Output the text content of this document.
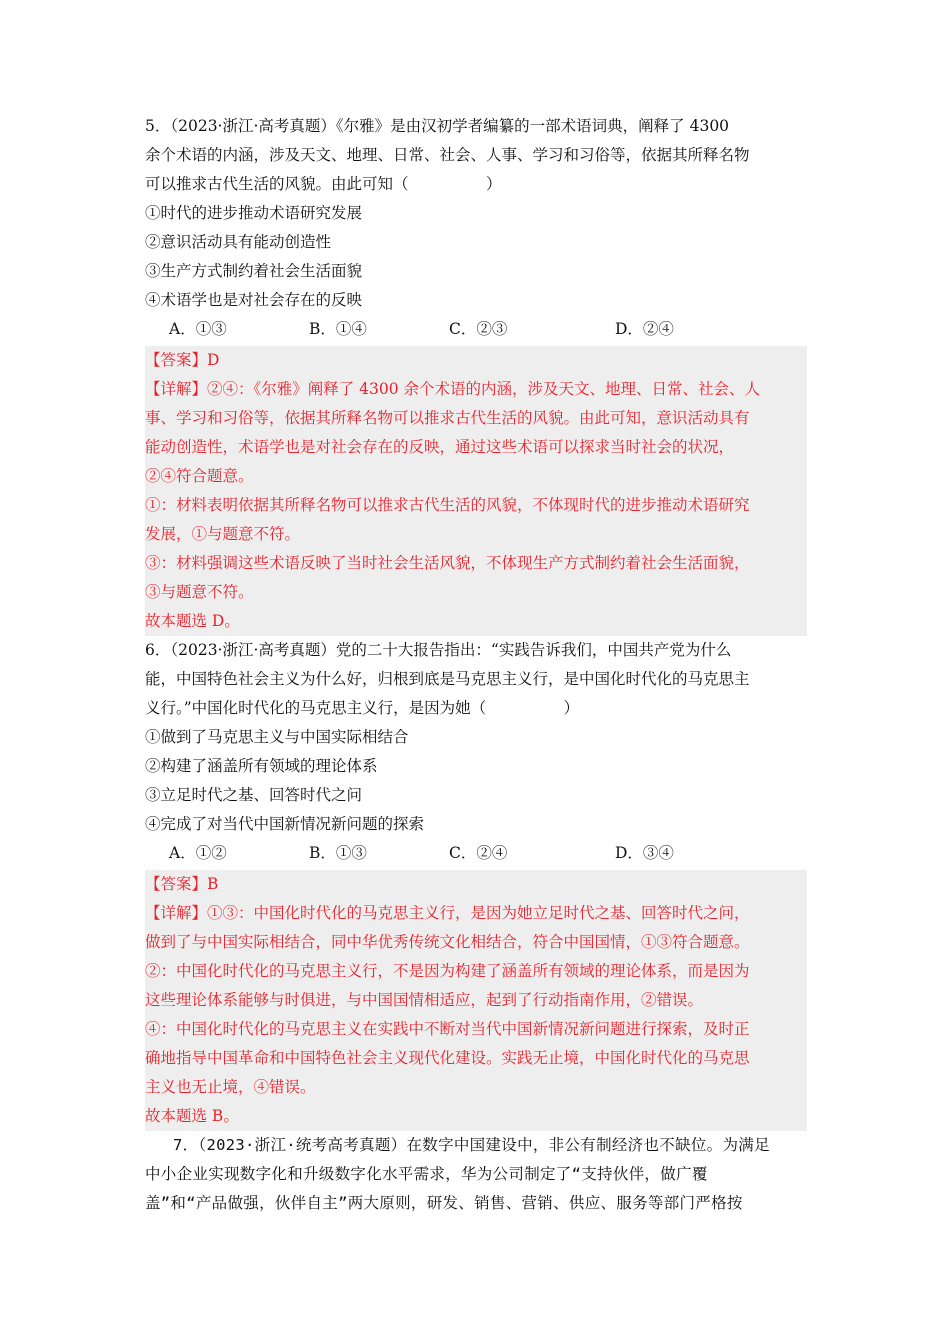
5．（2023·浙江·高考真题）《尔雅》是由汉初学者编纂的一部术语词典，阐释了 4300
余个术语的内涵，涉及天文、地理、日常、社会、人事、学习和习俗等，依据其所释名物
可以推求古代生活的风貌。由此可知（　　　　　）
①时代的进步推动术语研究发展
②意识活动具有能动创造性
③生产方式制约着社会生活面貌
④术语学也是对社会存在的反映
A．①③	B．①④	C．②③	D．②④
【答案】D
【详解】②④：《尔雅》阐释了 4300 余个术语的内涵，涉及天文、地理、日常、社会、人
事、学习和习俗等，依据其所释名物可以推求古代生活的风貌。由此可知，意识活动具有
能动创造性，术语学也是对社会存在的反映，通过这些术语可以探求当时社会的状况，
②④符合题意。
①：材料表明依据其所释名物可以推求古代生活的风貌，不体现时代的进步推动术语研究
发展，①与题意不符。
③：材料强调这些术语反映了当时社会生活风貌，不体现生产方式制约着社会生活面貌，
③与题意不符。
故本题选 D。
6．（2023·浙江·高考真题）党的二十大报告指出：“实践告诉我们，中国共产党为什么
能，中国特色社会主义为什么好，归根到底是马克思主义行，是中国化时代化的马克思主
义行。”中国化时代化的马克思主义行，是因为她（　　　　　）
①做到了马克思主义与中国实际相结合
②构建了涵盖所有领域的理论体系
③立足时代之基、回答时代之问
④完成了对当代中国新情况新问题的探索
A．①②	B．①③	C．②④	D．③④
【答案】B
【详解】①③：中国化时代化的马克思主义行，是因为她立足时代之基、回答时代之问，
做到了与中国实际相结合，同中华优秀传统文化相结合，符合中国国情，①③符合题意。
②：中国化时代化的马克思主义行，不是因为构建了涵盖所有领域的理论体系，而是因为
这些理论体系能够与时俱进，与中国国情相适应，起到了行动指南作用，②错误。
④：中国化时代化的马克思主义在实践中不断对当代中国新情况新问题进行探索，及时正
确地指导中国革命和中国特色社会主义现代化建设。实践无止境，中国化时代化的马克思
主义也无止境，④错误。
故本题选 B。
7．（2023·浙江·统考高考真题）在数字中国建设中，非公有制经济也不缺位。为满足
中小企业实现数字化和升级数字化水平需求，华为公司制定了“支持伙伴，做广覆
盖”和“产品做强，伙伴自主”两大原则，研发、销售、营销、供应、服务等部门严格按
